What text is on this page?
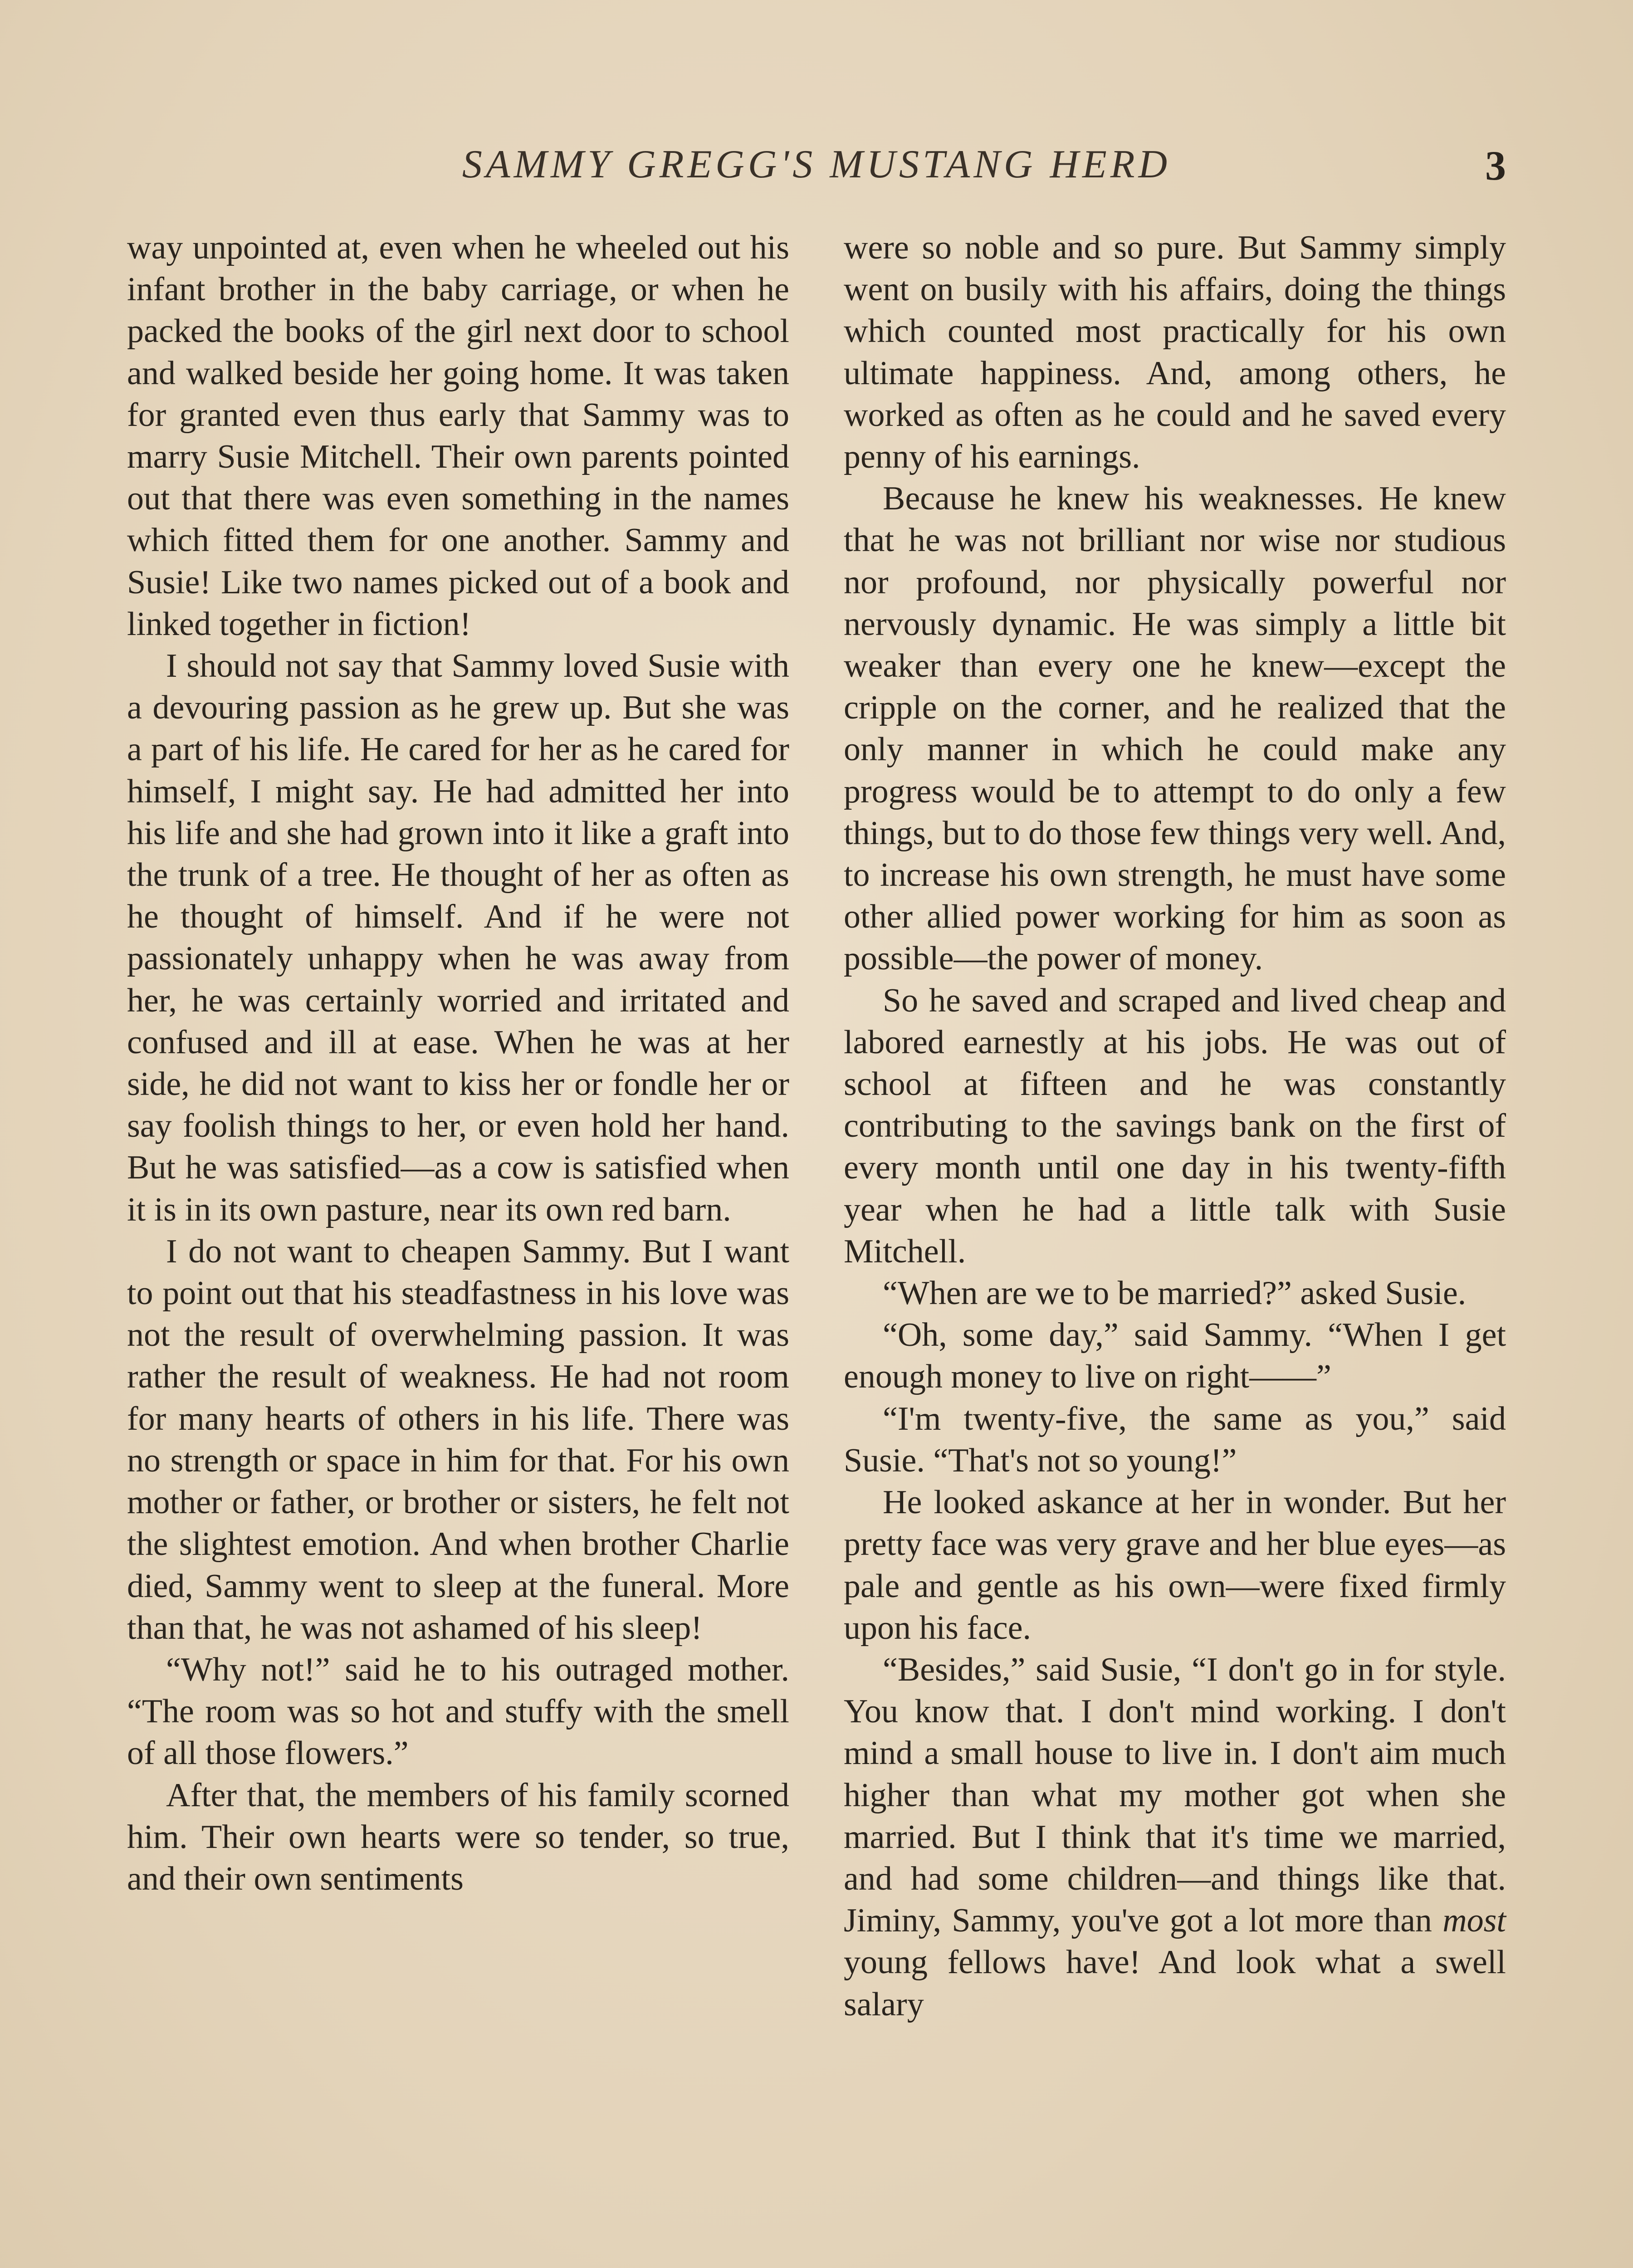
SAMMY GREGG'S MUSTANG HERD	3

way unpointed at, even when he wheeled out his infant brother in the baby carriage, or when he packed the books of the girl next door to school and walked beside her going home. It was taken for granted even thus early that Sammy was to marry Susie Mitchell. Their own parents pointed out that there was even something in the names which fitted them for one another. Sammy and Susie! Like two names picked out of a book and linked together in fiction!

I should not say that Sammy loved Susie with a devouring passion as he grew up. But she was a part of his life. He cared for her as he cared for himself, I might say. He had admitted her into his life and she had grown into it like a graft into the trunk of a tree. He thought of her as often as he thought of himself. And if he were not passionately unhappy when he was away from her, he was certainly worried and irritated and confused and ill at ease. When he was at her side, he did not want to kiss her or fondle her or say foolish things to her, or even hold her hand. But he was satisfied—as a cow is satisfied when it is in its own pasture, near its own red barn.

I do not want to cheapen Sammy. But I want to point out that his steadfastness in his love was not the result of overwhelming passion. It was rather the result of weakness. He had not room for many hearts of others in his life. There was no strength or space in him for that. For his own mother or father, or brother or sisters, he felt not the slightest emotion. And when brother Charlie died, Sammy went to sleep at the funeral. More than that, he was not ashamed of his sleep!

“Why not!” said he to his outraged mother. “The room was so hot and stuffy with the smell of all those flowers.”

After that, the members of his family scorned him. Their own hearts were so tender, so true, and their own sentiments

were so noble and so pure. But Sammy simply went on busily with his affairs, doing the things which counted most practically for his own ultimate happiness. And, among others, he worked as often as he could and he saved every penny of his earnings.

Because he knew his weaknesses. He knew that he was not brilliant nor wise nor studious nor profound, nor physically powerful nor nervously dynamic. He was simply a little bit weaker than every one he knew—except the cripple on the corner, and he realized that the only manner in which he could make any progress would be to attempt to do only a few things, but to do those few things very well. And, to increase his own strength, he must have some other allied power working for him as soon as possible—the power of money.

So he saved and scraped and lived cheap and labored earnestly at his jobs. He was out of school at fifteen and he was constantly contributing to the savings bank on the first of every month until one day in his twenty-fifth year when he had a little talk with Susie Mitchell.

“When are we to be married?” asked Susie.

“Oh, some day,” said Sammy. “When I get enough money to live on right——”

“I'm twenty-five, the same as you,” said Susie. “That's not so young!”

He looked askance at her in wonder. But her pretty face was very grave and her blue eyes—as pale and gentle as his own—were fixed firmly upon his face.

“Besides,” said Susie, “I don't go in for style. You know that. I don't mind working. I don't mind a small house to live in. I don't aim much higher than what my mother got when she married. But I think that it's time we married, and had some children—and things like that. Jiminy, Sammy, you've got a lot more than most young fellows have! And look what a swell salary
